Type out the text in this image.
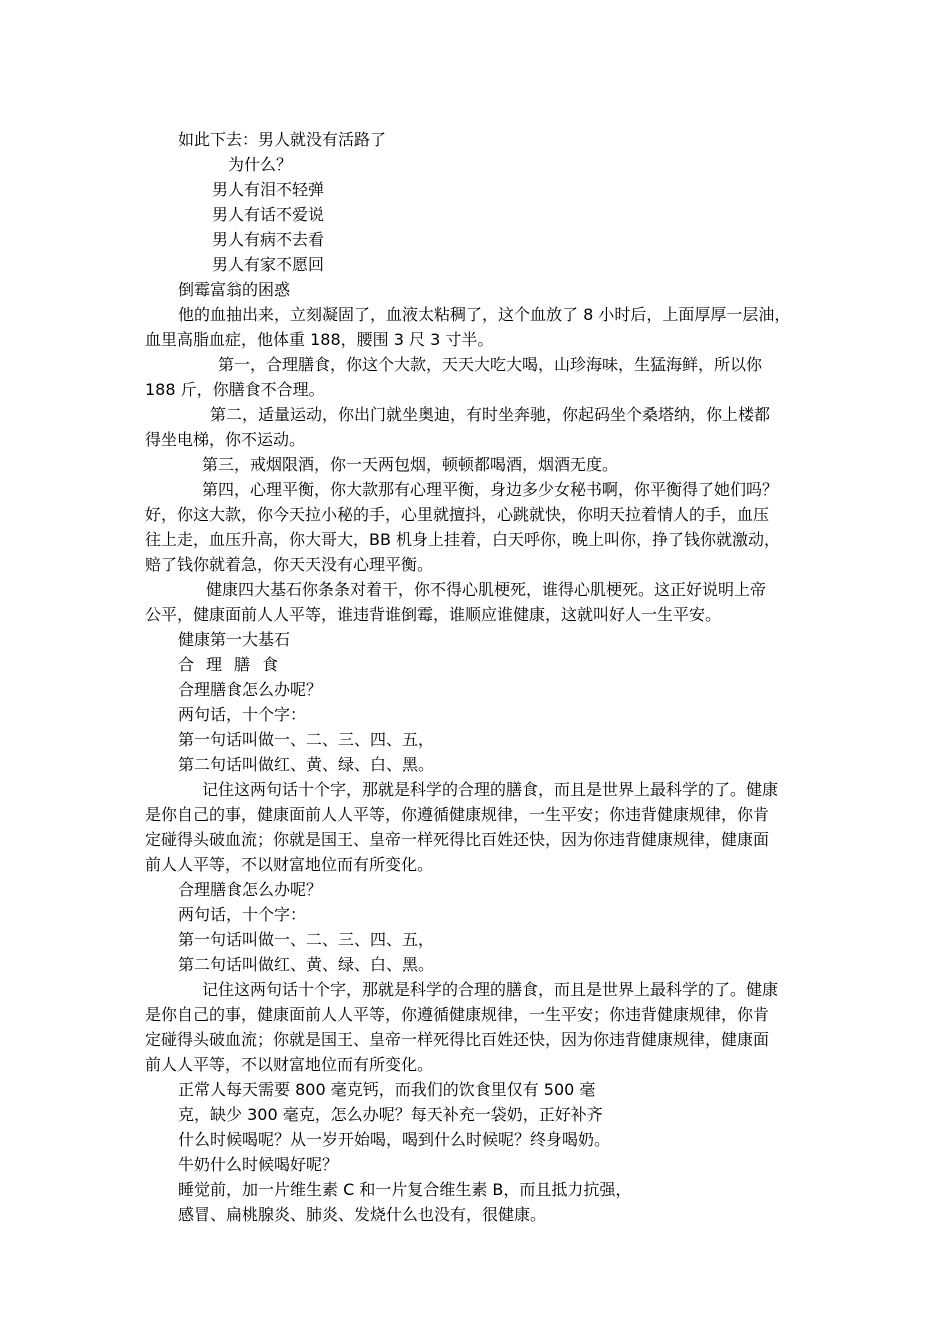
如此下去：男人就没有活路了
为什么？
男人有泪不轻弹
男人有话不爱说
男人有病不去看
男人有家不愿回
倒霉富翁的困惑
他的血抽出来，立刻凝固了，血液太粘稠了，这个血放了 8 小时后，上面厚厚一层油，
血里高脂血症，他体重 188，腰围 3 尺 3 寸半。
第一，合理膳食，你这个大款，天天大吃大喝，山珍海味，生猛海鲜，所以你
188 斤，你膳食不合理。
第二，适量运动，你出门就坐奥迪，有时坐奔驰，你起码坐个桑塔纳，你上楼都
得坐电梯，你不运动。
第三，戒烟限酒，你一天两包烟，顿顿都喝酒，烟酒无度。
第四，心理平衡，你大款那有心理平衡，身边多少女秘书啊，你平衡得了她们吗？
好，你这大款，你今天拉小秘的手，心里就擅抖，心跳就快，你明天拉着情人的手，血压
往上走，血压升高，你大哥大，BB 机身上挂着，白天呼你，晚上叫你，挣了钱你就激动，
赔了钱你就着急，你天天没有心理平衡。
健康四大基石你条条对着干，你不得心肌梗死，谁得心肌梗死。这正好说明上帝
公平，健康面前人人平等，谁违背谁倒霉，谁顺应谁健康，这就叫好人一生平安。
健康第一大基石
合理膳食
合理膳食怎么办呢？
两句话，十个字：
第一句话叫做一、二、三、四、五，
第二句话叫做红、黄、绿、白、黑。
记住这两句话十个字，那就是科学的合理的膳食，而且是世界上最科学的了。健康
是你自己的事，健康面前人人平等，你遵循健康规律，一生平安；你违背健康规律，你肯
定碰得头破血流；你就是国王、皇帝一样死得比百姓还快，因为你违背健康规律，健康面
前人人平等，不以财富地位而有所变化。
合理膳食怎么办呢？
两句话，十个字：
第一句话叫做一、二、三、四、五，
第二句话叫做红、黄、绿、白、黑。
记住这两句话十个字，那就是科学的合理的膳食，而且是世界上最科学的了。健康
是你自己的事，健康面前人人平等，你遵循健康规律，一生平安；你违背健康规律，你肯
定碰得头破血流；你就是国王、皇帝一样死得比百姓还快，因为你违背健康规律，健康面
前人人平等，不以财富地位而有所变化。
正常人每天需要 800 毫克钙，而我们的饮食里仅有 500 毫
克，缺少 300 毫克，怎么办呢？每天补充一袋奶，正好补齐
什么时候喝呢？从一岁开始喝，喝到什么时候呢？终身喝奶。
牛奶什么时候喝好呢？
睡觉前，加一片维生素 C 和一片复合维生素 B，而且抵力抗强，
感冒、扁桃腺炎、肺炎、发烧什么也没有，很健康。
